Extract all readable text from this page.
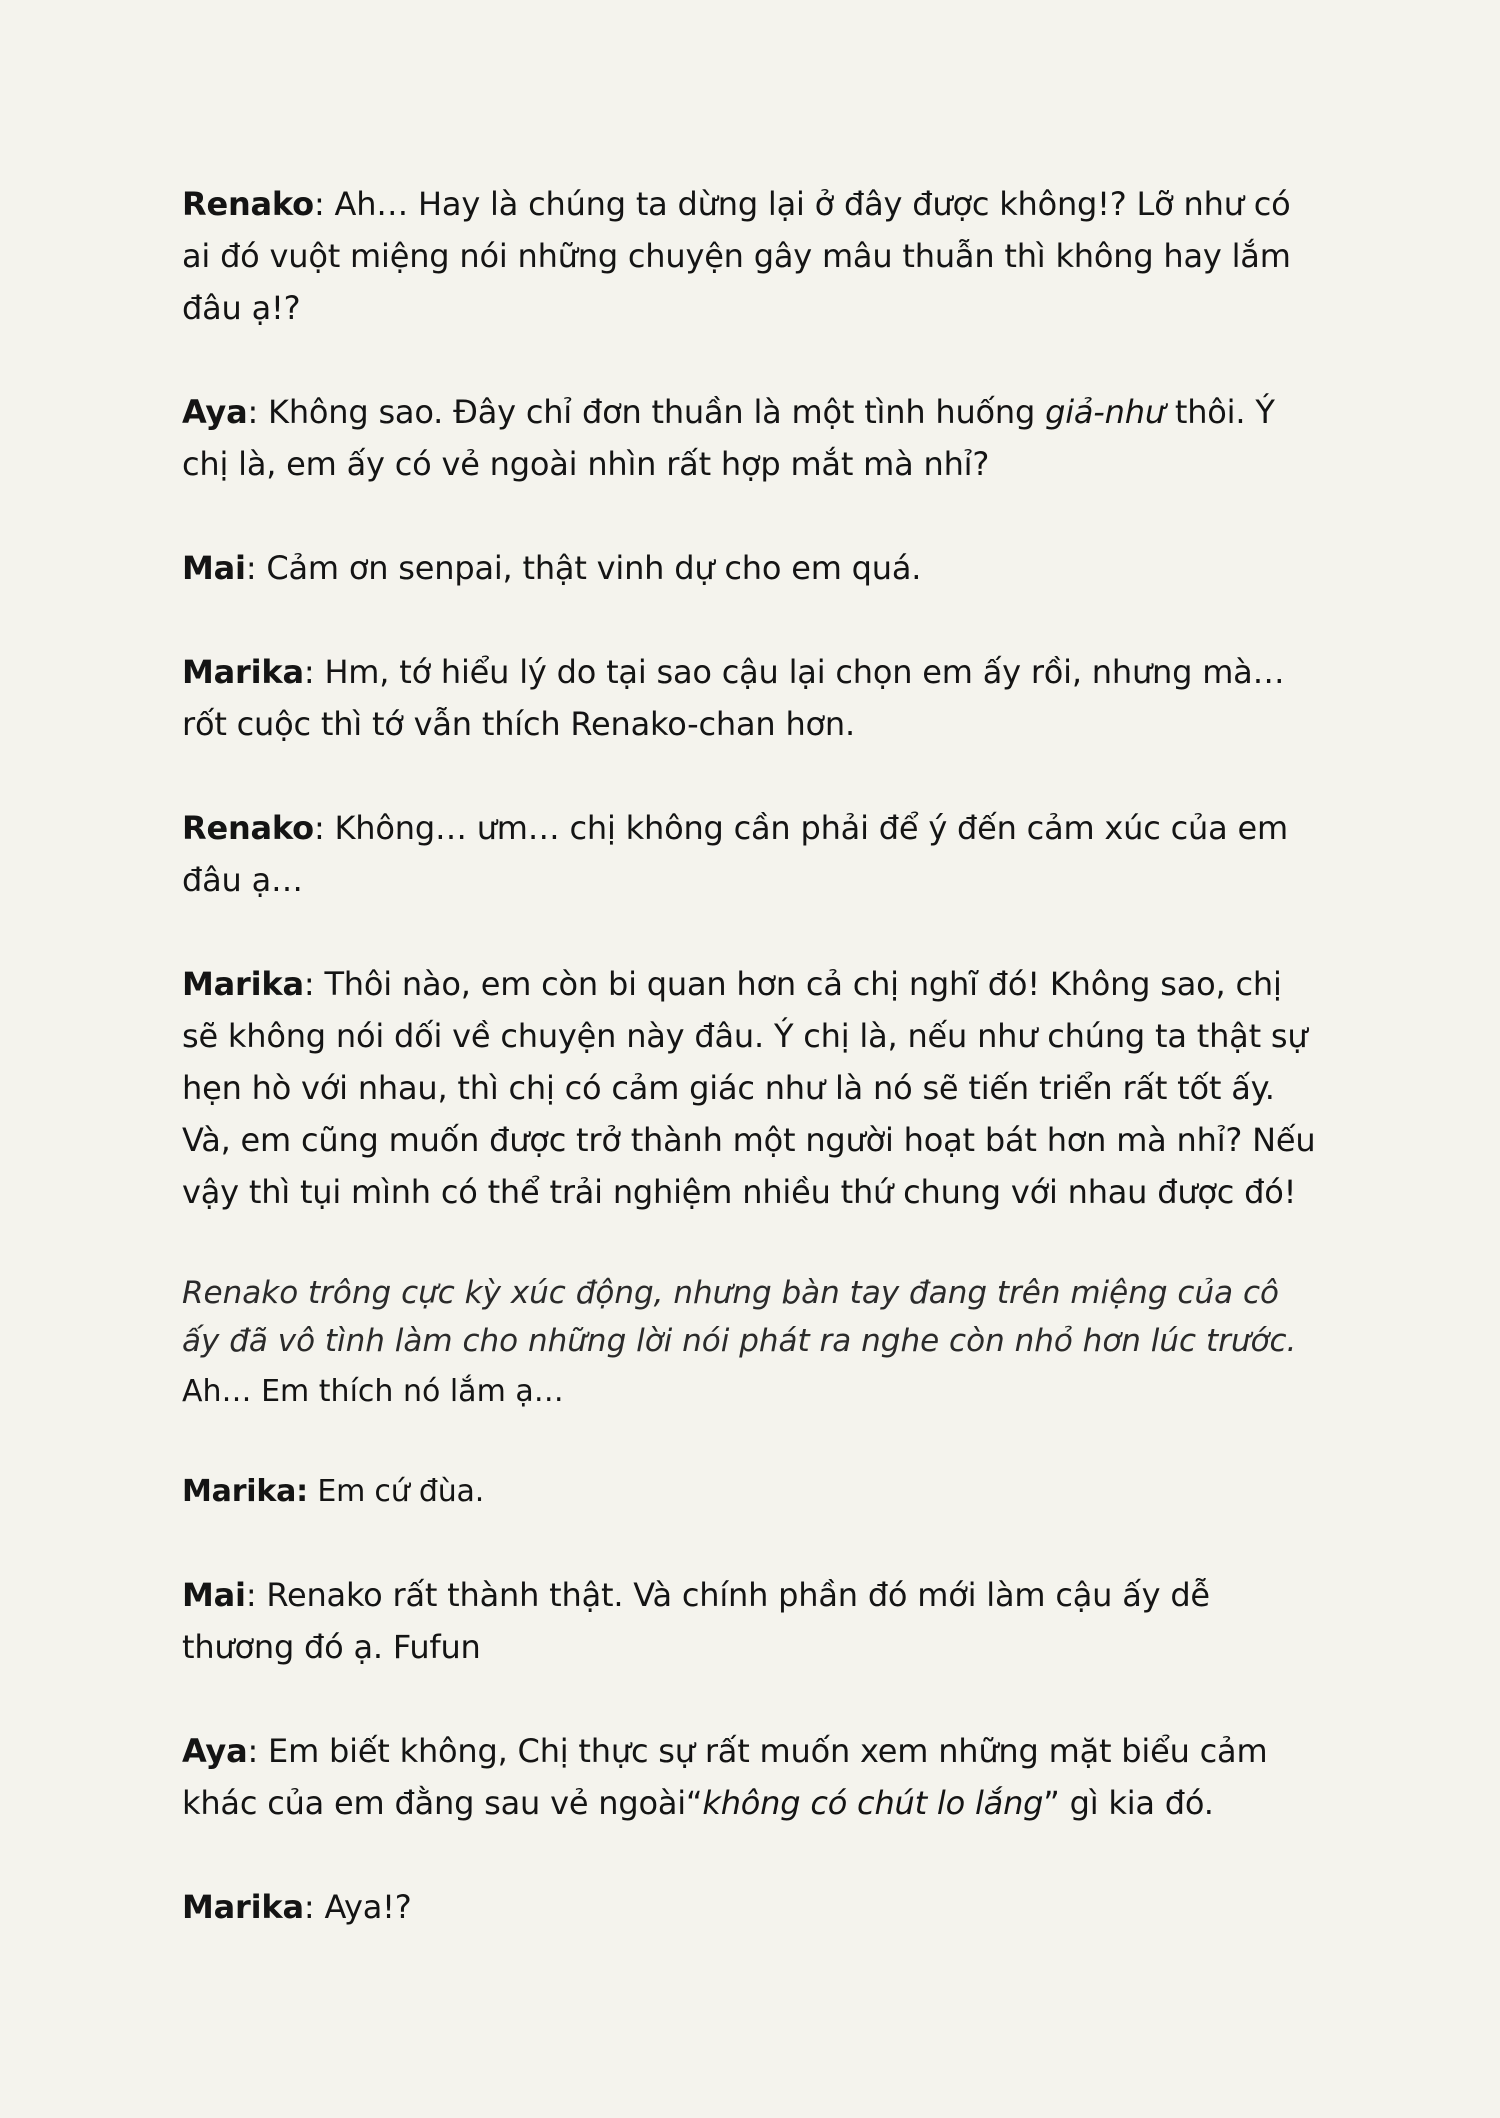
Renako: Ah… Hay là chúng ta dừng lại ở đây được không!? Lỡ như có ai đó vuột miệng nói những chuyện gây mâu thuẫn thì không hay lắm đâu ạ!?

Aya: Không sao. Đây chỉ đơn thuần là một tình huống giả-như thôi. Ý chị là, em ấy có vẻ ngoài nhìn rất hợp mắt mà nhỉ?

Mai: Cảm ơn senpai, thật vinh dự cho em quá.

Marika: Hm, tớ hiểu lý do tại sao cậu lại chọn em ấy rồi, nhưng mà… rốt cuộc thì tớ vẫn thích Renako-chan hơn.

Renako: Không… ưm… chị không cần phải để ý đến cảm xúc của em đâu ạ…

Marika: Thôi nào, em còn bi quan hơn cả chị nghĩ đó! Không sao, chị sẽ không nói dối về chuyện này đâu. Ý chị là, nếu như chúng ta thật sự hẹn hò với nhau, thì chị có cảm giác như là nó sẽ tiến triển rất tốt ấy. Và, em cũng muốn được trở thành một người hoạt bát hơn mà nhỉ? Nếu vậy thì tụi mình có thể trải nghiệm nhiều thứ chung với nhau được đó!

Renako trông cực kỳ xúc động, nhưng bàn tay đang trên miệng của cô ấy đã vô tình làm cho những lời nói phát ra nghe còn nhỏ hơn lúc trước. Ah… Em thích nó lắm ạ…

Marika: Em cứ đùa.

Mai: Renako rất thành thật. Và chính phần đó mới làm cậu ấy dễ thương đó ạ. Fufun

Aya: Em biết không, Chị thực sự rất muốn xem những mặt biểu cảm khác của em đằng sau vẻ ngoài“không có chút lo lắng” gì kia đó.

Marika: Aya!?
